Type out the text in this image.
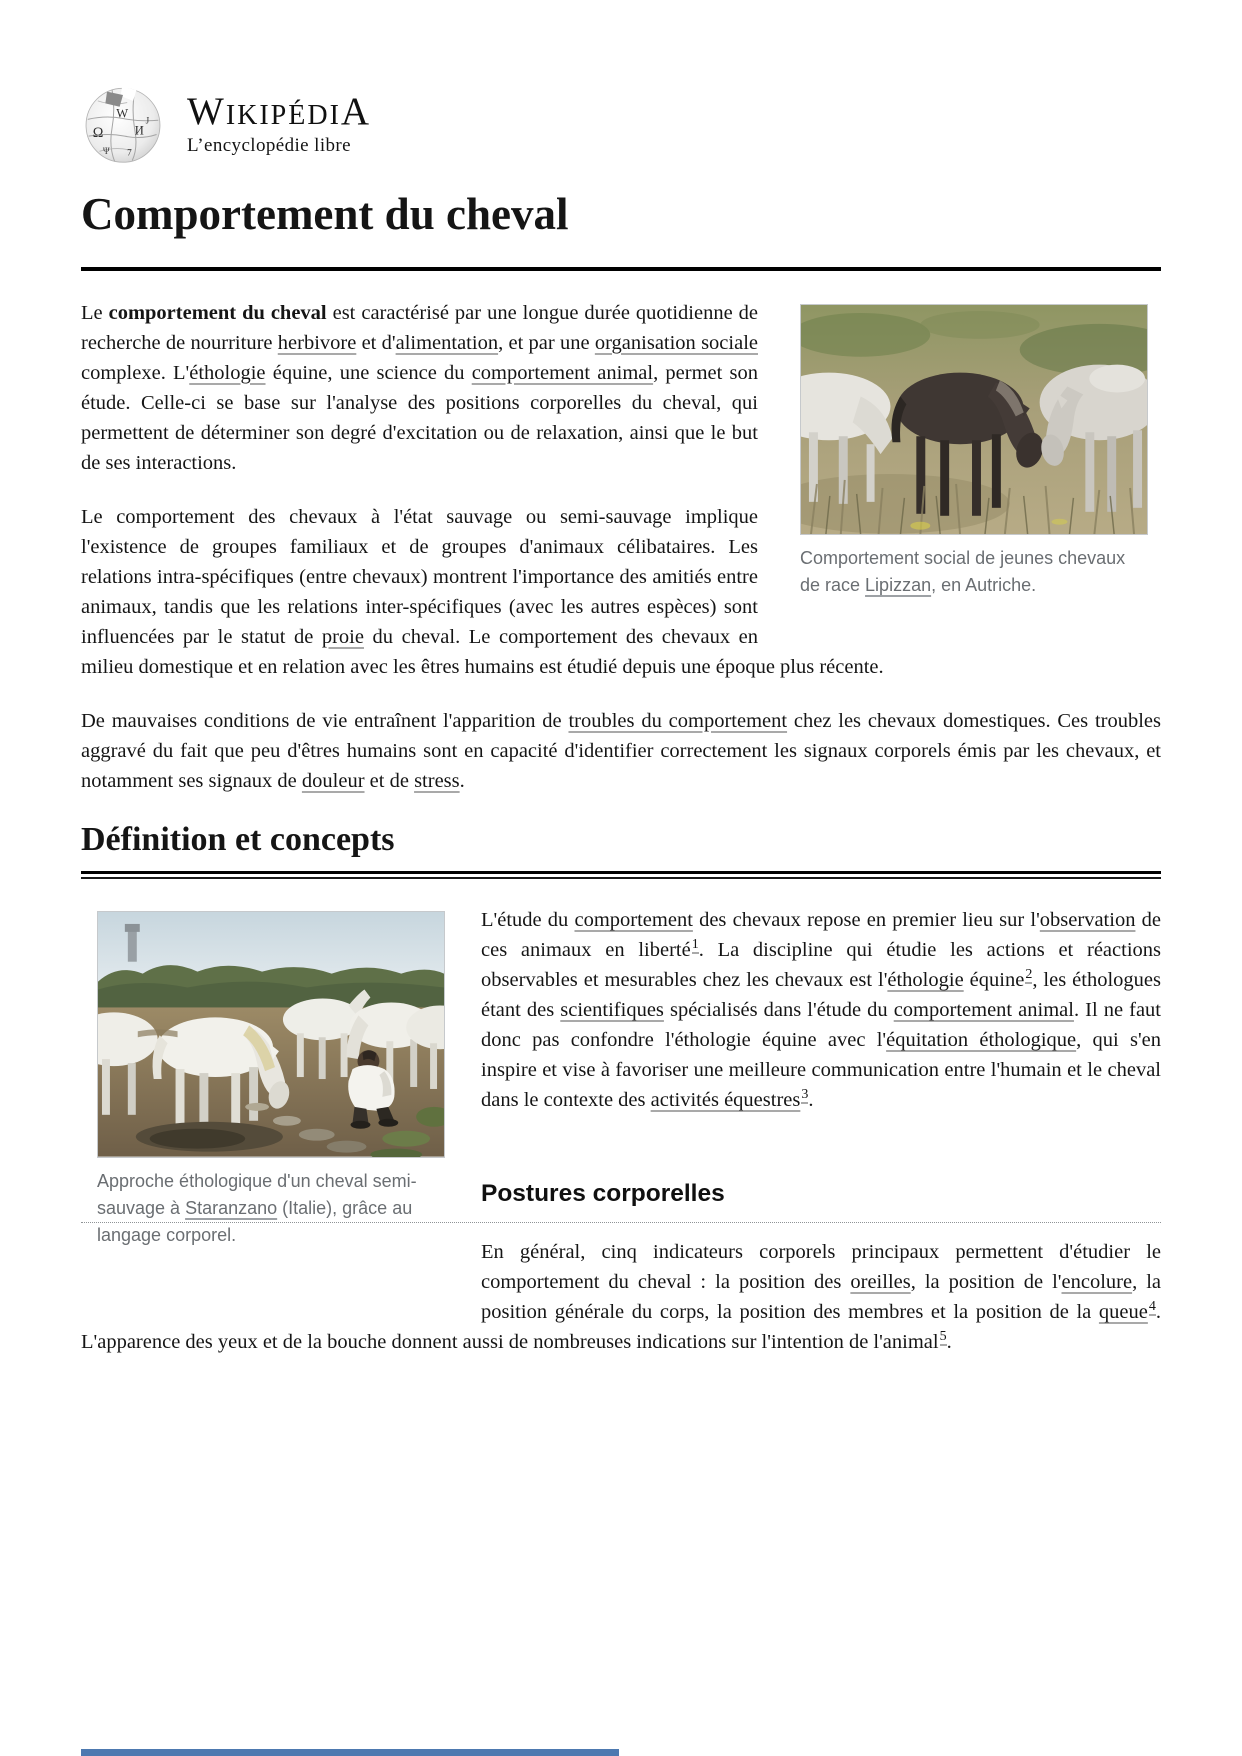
Ω
W
И
Ψ 7
J WIKIPÉDIA
L’encyclopédie libre
Comportement du cheval
Comportement social de jeunes chevaux de race Lipizzan, en Autriche.

Le comportement du cheval est caractérisé par une longue durée quotidienne de recherche de nourriture herbivore et d'alimentation, et par une organisation sociale complexe. L'éthologie équine, une science du comportement animal, permet son étude. Celle-ci se base sur l'analyse des positions corporelles du cheval, qui permettent de déterminer son degré d'excitation ou de relaxation, ainsi que le but de ses interactions.

Le comportement des chevaux à l'état sauvage ou semi-sauvage implique l'existence de groupes familiaux et de groupes d'animaux célibataires. Les relations intra-spécifiques (entre chevaux) montrent l'importance des amitiés entre animaux, tandis que les relations inter-spécifiques (avec les autres espèces) sont influencées par le statut de proie du cheval. Le comportement des chevaux en milieu domestique et en relation avec les êtres humains est étudié depuis une époque plus récente.

De mauvaises conditions de vie entraînent l'apparition de troubles du comportement chez les chevaux domestiques. Ces troubles aggravé du fait que peu d'êtres humains sont en capacité d'identifier correctement les signaux corporels émis par les chevaux, et notamment ses signaux de douleur et de stress.

Définition et concepts
Approche éthologique d'un cheval semi-sauvage à Staranzano (Italie), grâce au langage corporel.

L'étude du comportement des chevaux repose en premier lieu sur l'observation de ces animaux en liberté$^1$. La discipline qui étudie les actions et réactions observables et mesurables chez les chevaux est l'éthologie équine$^2$, les éthologues étant des scientifiques spécialisés dans l'étude du comportement animal. Il ne faut donc pas confondre l'éthologie équine avec l'équitation éthologique, qui s'en inspire et vise à favoriser une meilleure communication entre l'humain et le cheval dans le contexte des activités équestres$^3$.

Postures corporelles

En général, cinq indicateurs corporels principaux permettent d'étudier le comportement du cheval : la position des oreilles, la position de l'encolure, la position générale du corps, la position des membres et la position de la queue$^4$. L'apparence des yeux et de la bouche donnent aussi de nombreuses indications sur l'intention de l'animal$^5$.
